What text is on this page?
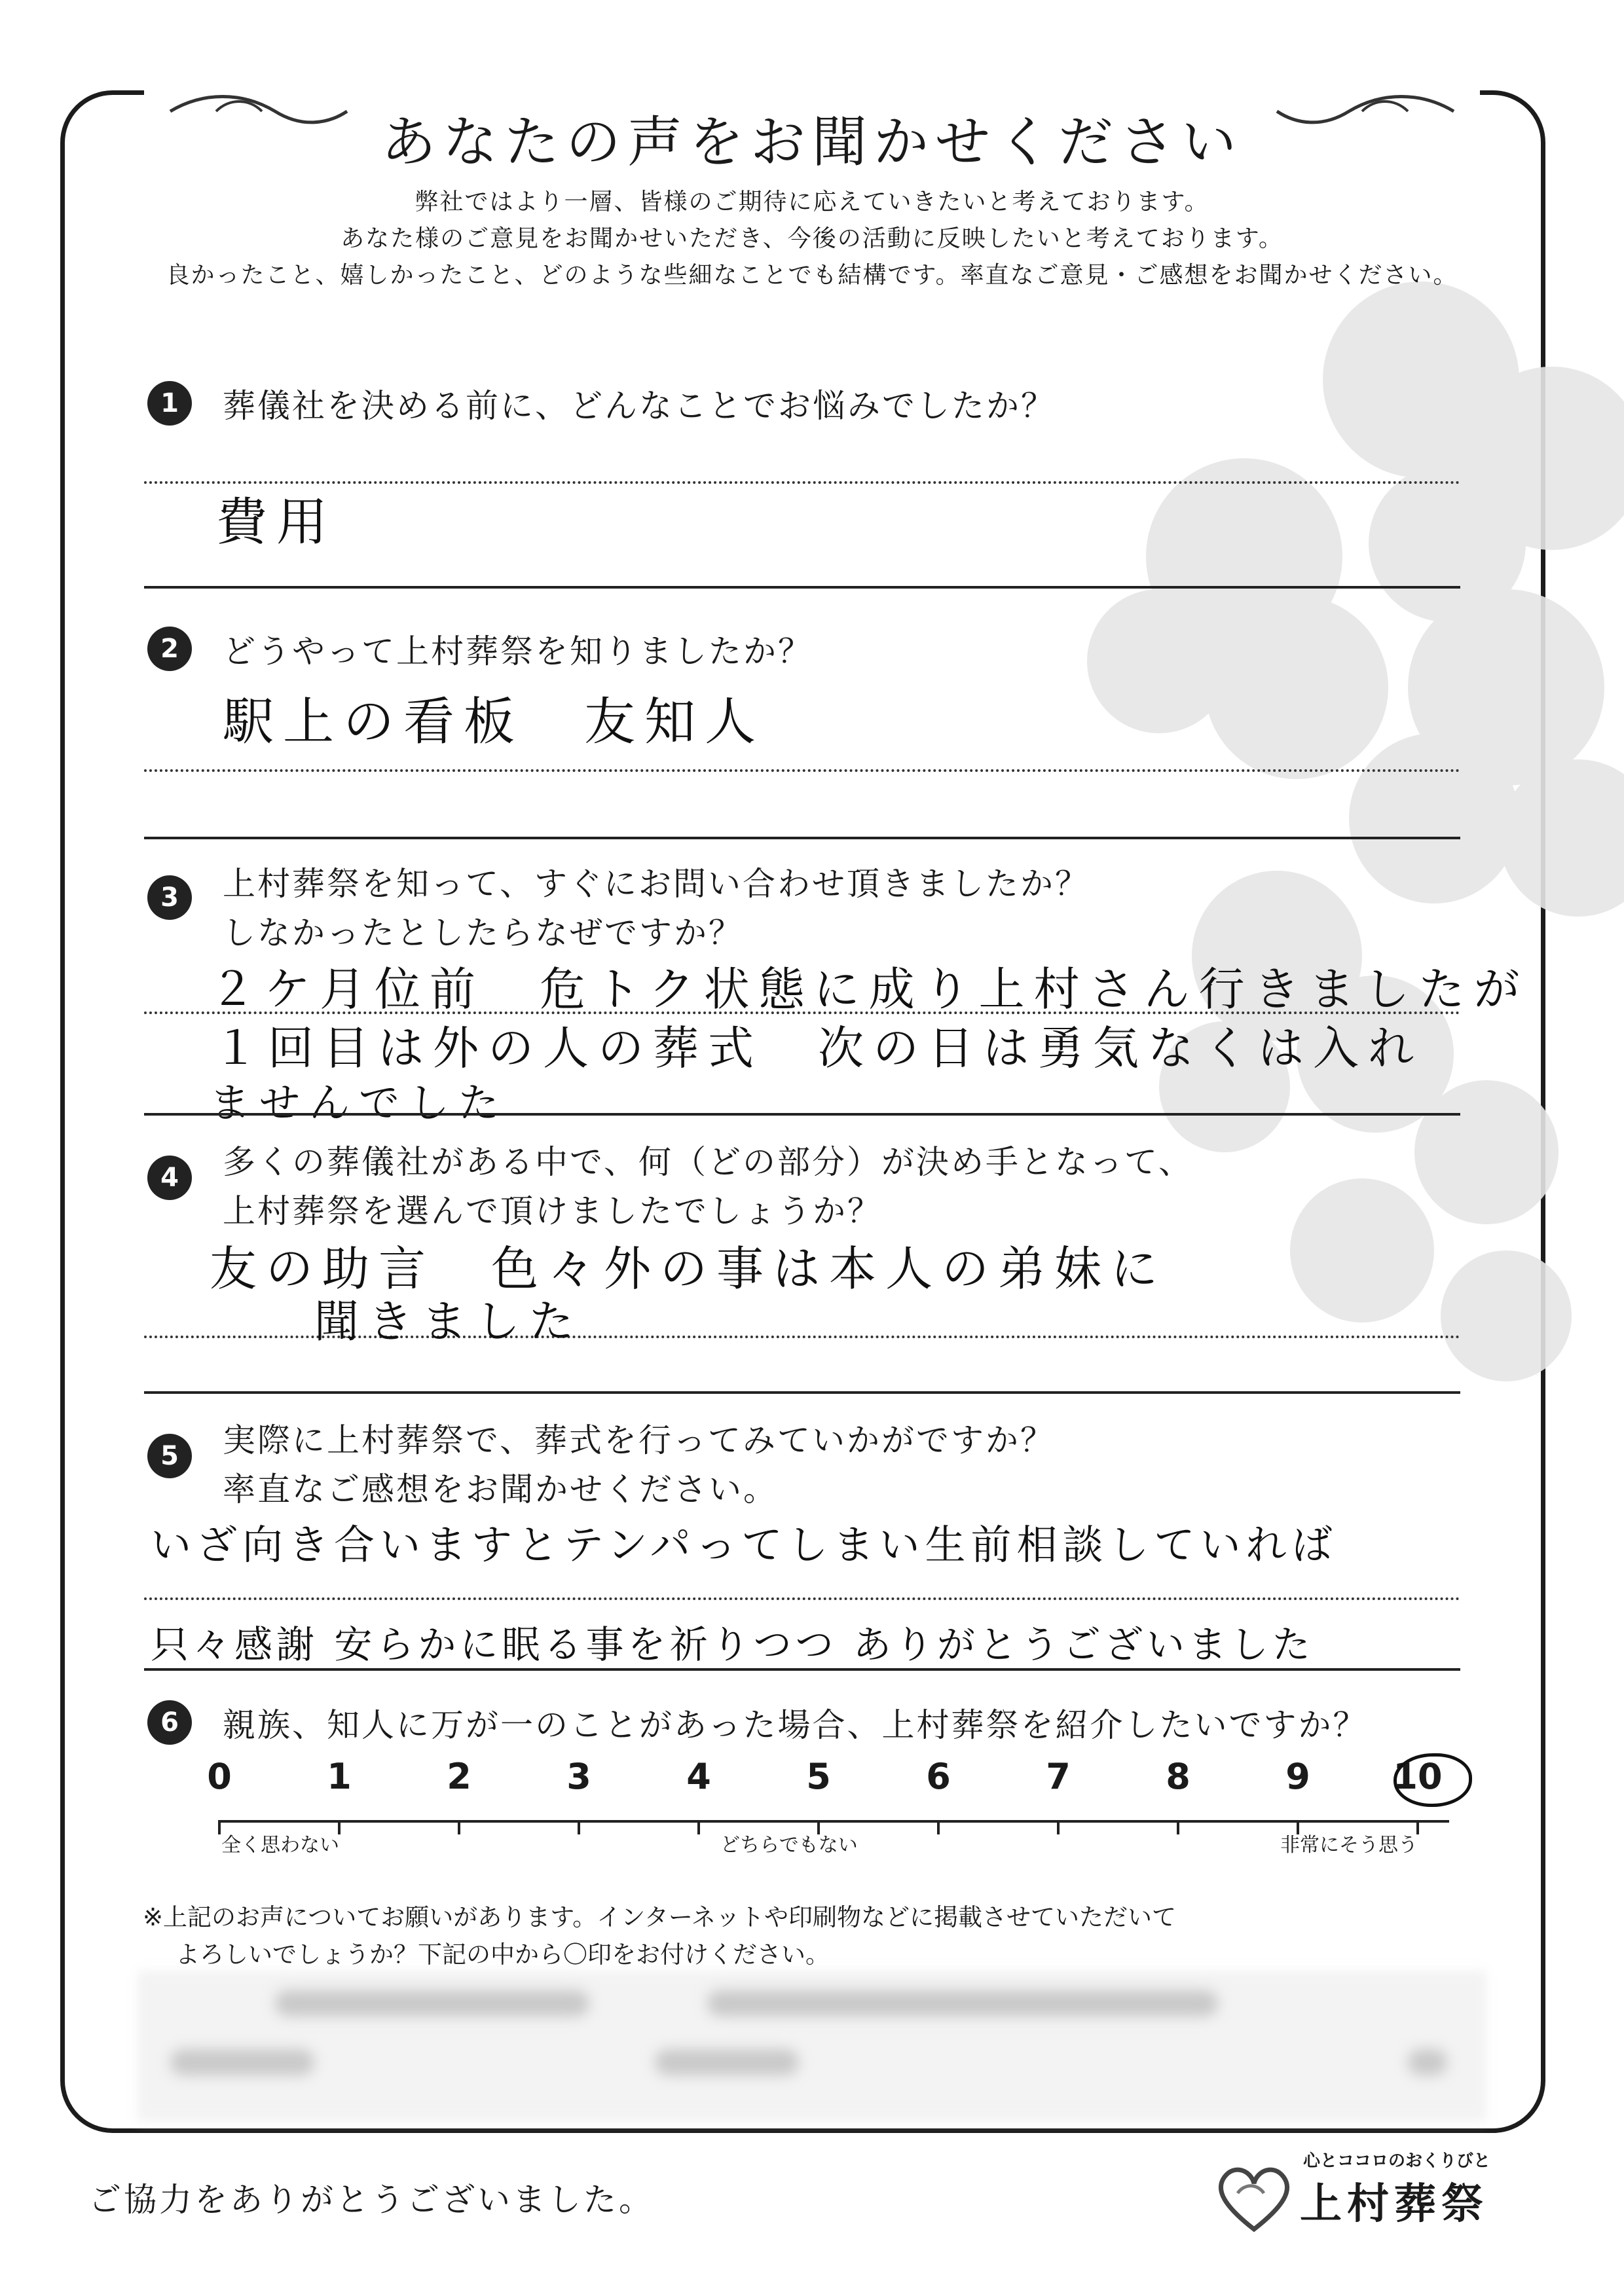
あなたの声をお聞かせください
弊社ではより一層、皆様のご期待に応えていきたいと考えております。
あなた様のご意見をお聞かせいただき、今後の活動に反映したいと考えております。
良かったこと、嬉しかったこと、どのような些細なことでも結構です。率直なご意見・ご感想をお聞かせください。
1	葬儀社を決める前に、どんなことでお悩みでしたか？
費用
2	どうやって上村葬祭を知りましたか？
駅上の看板　友知人
3	上村葬祭を知って、すぐにお問い合わせ頂きましたか？
しなかったとしたらなぜですか？
２ケ月位前　危トク状態に成り上村さん行きましたが
１回目は外の人の葬式　次の日は勇気なくは入れ
ませんでした
4	多くの葬儀社がある中で、何（どの部分）が決め手となって、
上村葬祭を選んで頂けましたでしょうか？
友の助言　色々外の事は本人の弟妹に
聞きました
5	実際に上村葬祭で、葬式を行ってみていかがですか？
率直なご感想をお聞かせください。
いざ向き合いますとテンパってしまい生前相談していれば
只々感謝 安らかに眠る事を祈りつつ ありがとうございました
6	親族、知人に万が一のことがあった場合、上村葬祭を紹介したいですか？
0	1	2	3	4	5	6	7	8	9	10
全く思わない	どちらでもない	非常にそう思う
※上記のお声についてお願いがあります。インターネットや印刷物などに掲載させていただいて
よろしいでしょうか？下記の中から〇印をお付けください。
ご協力をありがとうございました。
心とココロのおくりびと
上村葬祭
